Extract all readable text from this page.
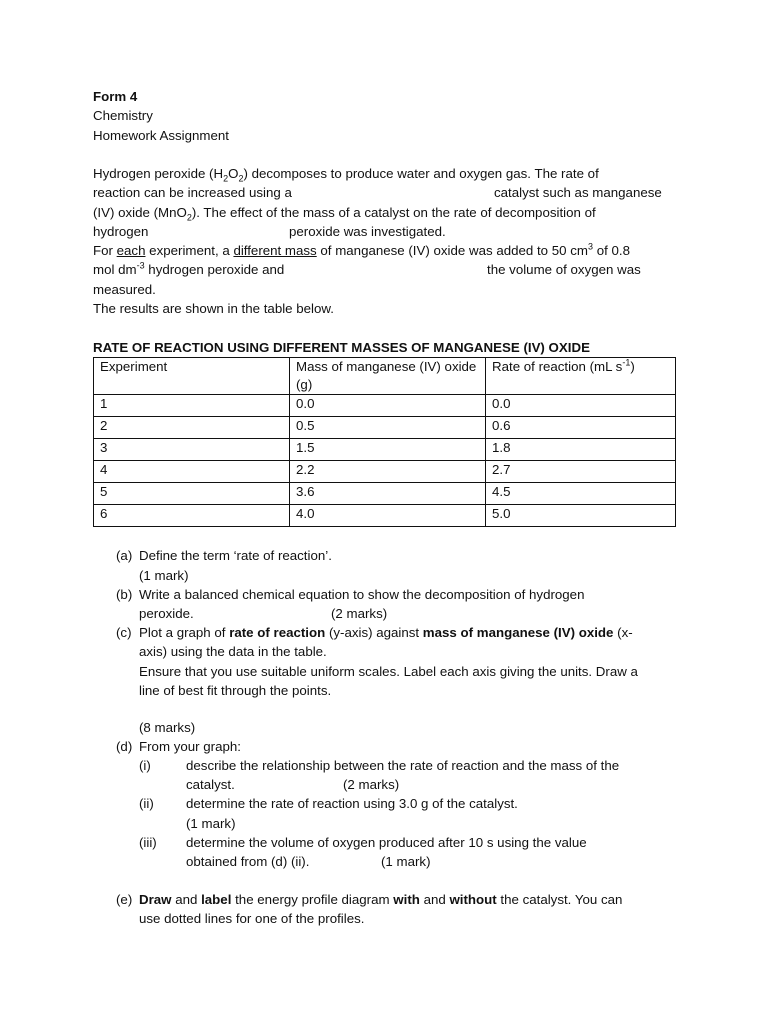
Form 4
Chemistry
Homework Assignment
Hydrogen peroxide $(H_2O_2)$ decomposes to produce water and oxygen gas. The rate of
reaction can be increased using a	catalyst such as manganese
(IV) oxide (MnO$_2$). The effect of the mass of a catalyst on the rate of decomposition of
hydrogen	peroxide was investigated.
For each experiment, a different mass of manganese (IV) oxide was added to 50 $cm^3$ of 0.8
mol $dm^{-3}$ hydrogen peroxide and	the volume of oxygen was
measured.
The results are shown in the table below.
RATE OF REACTION USING DIFFERENT MASSES OF MANGANESE (IV) OXIDE
Experiment	Mass of manganese (IV) oxide (g)	Rate of reaction (mL $s^{-1}$)
1	0.0	0.0
2	0.5	0.6
3	1.5	1.8
4	2.2	2.7
5	3.6	4.5
6	4.0	5.0
(a) Define the term ‘rate of reaction’.
(1 mark)
(b) Write a balanced chemical equation to show the decomposition of hydrogen
peroxide.	(2 marks)
(c) Plot a graph of rate of reaction (y-axis) against mass of manganese (IV) oxide (x-
axis) using the data in the table.
Ensure that you use suitable uniform scales. Label each axis giving the units. Draw a
line of best fit through the points.
(8 marks)
(d) From your graph:
(i)	describe the relationship between the rate of reaction and the mass of the
catalyst.	(2 marks)
(ii) determine the rate of reaction using 3.0 g of the catalyst.
(1 mark)
(iii) determine the volume of oxygen produced after 10 s using the value
obtained from (d) (ii).	(1 mark)
(e) Draw and label the energy profile diagram with and without the catalyst. You can
use dotted lines for one of the profiles.
